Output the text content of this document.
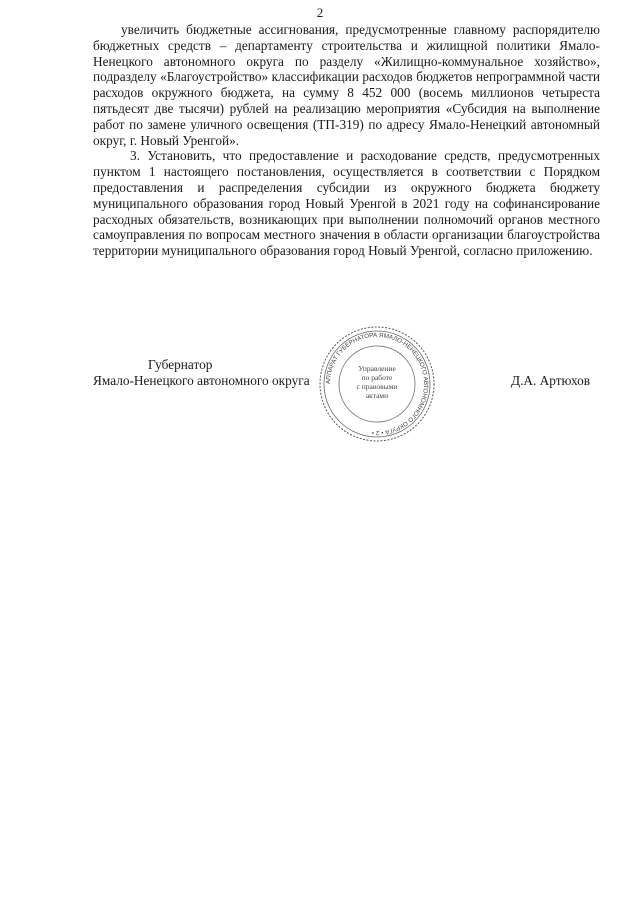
2

увеличить бюджетные ассигнования, предусмотренные главному распорядителю бюджетных средств – департаменту строительства и жилищной политики Ямало-Ненецкого автономного округа по разделу «Жилищно-коммунальное хозяйство», подразделу «Благоустройство» классификации расходов бюджетов непрограммной части расходов окружного бюджета, на сумму 8 452 000 (восемь миллионов четыреста пятьдесят две тысячи) рублей на реализацию мероприятия «Субсидия на выполнение работ по замене уличного освещения (ТП-319) по адресу Ямало-Ненецкий автономный округ, г. Новый Уренгой».

3. Установить, что предоставление и расходование средств, предусмотренных пунктом 1 настоящего постановления, осуществляется в соответствии с Порядком предоставления и распределения субсидии из окружного бюджета бюджету муниципального образования город Новый Уренгой в 2021 году на софинансирование расходных обязательств, возникающих при выполнении полномочий органов местного самоуправления по вопросам местного значения в области организации благоустройства территории муниципального образования город Новый Уренгой, согласно приложению.

Губернатор
Ямало-Ненецкого автономного округа	АППАРАТ ГУБЕРНАТОРА ЯМАЛО-НЕНЕЦКОГО АВТОНОМНОГО ОКРУГА • 2 •
Управление
по работе
с правовыми
актами
Д.А. Артюхов
